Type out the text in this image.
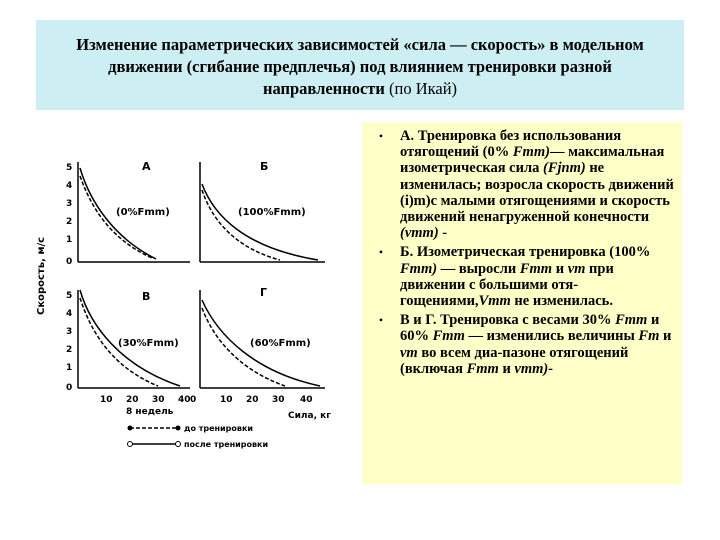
Изменение параметрических зависимостей «сила — скорость» в модельном движении (сгибание предплечья) под влиянием тренировки разной направленности (по Икай)
Скорость, м/с
5
4
3
2
1
0
5
4
3
2
1
0
А	Б
В	Г
(0%Fmm)	(100%Fmm)
(30%Fmm)	(60%Fmm)
10 20 30	0
40	10 20 30 40
8 недель	Сила, кг
до тренировки
после тренировки
•	А. Тренировка без использования отягощений (0% Fmm)— максимальная изометрическая сила (Fjnm) не изменилась; возросла скорость движений (i)m)c малыми отягощениями и скорость движений ненагруженной конечности (vmm) -
•	Б. Изометрическая тренировка (100% Fmm) — выросли Fmm и vm при движении с большими отя-гощениями,Vmm не изменилась.
•	В и Г. Тренировка с весами 30% Fmm и 60% Fmm — изменились величины Fm и vm во всем диа-пазоне отягощений (включая Fmm и vmm)-
